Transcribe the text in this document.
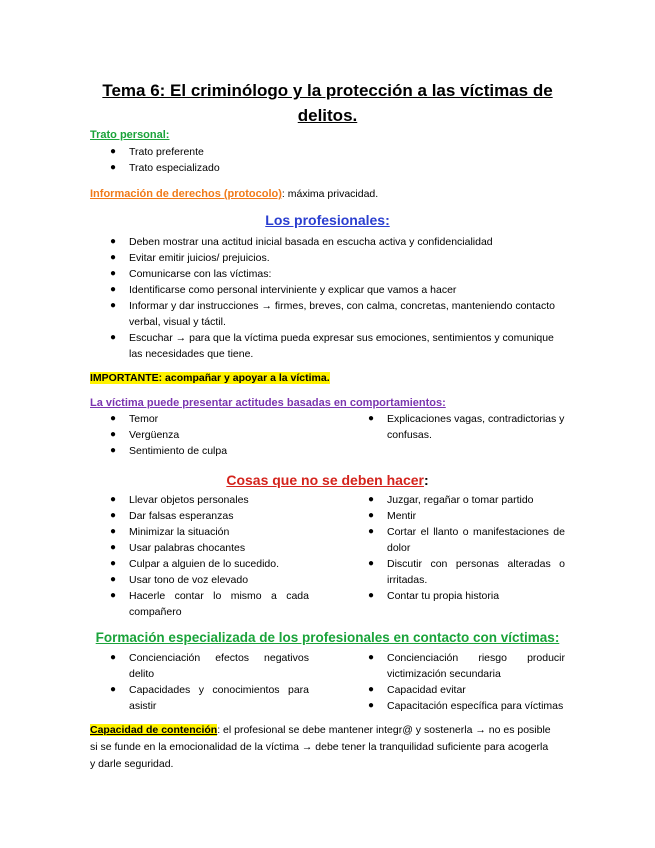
Tema 6: El criminólogo y la protección a las víctimas de delitos.
Trato personal:
● Trato preferente
● Trato especializado
Información de derechos (protocolo): máxima privacidad.
Los profesionales:
● Deben mostrar una actitud inicial basada en escucha activa y confidencialidad
● Evitar emitir juicios/ prejuicios.
● Comunicarse con las víctimas:
● Identificarse como personal interviniente y explicar que vamos a hacer
● Informar y dar instrucciones → firmes, breves, con calma, concretas, manteniendo contacto
verbal, visual y táctil.
● Escuchar → para que la víctima pueda expresar sus emociones, sentimientos y comunique
las necesidades que tiene.
IMPORTANTE: acompañar y apoyar a la víctima.
La víctima puede presentar actitudes basadas en comportamientos:
● Temor
● Vergüenza
● Sentimiento de culpa
● Explicaciones vagas, contradictorias y
confusas.
Cosas que no se deben hacer:
● Llevar objetos personales
● Dar falsas esperanzas
● Minimizar la situación
● Usar palabras chocantes
● Culpar a alguien de lo sucedido.
● Usar tono de voz elevado
● Hacerle contar lo mismo a cada
compañero
● Juzgar, regañar o tomar partido
● Mentir
● Cortar el llanto o manifestaciones de
dolor
● Discutir con personas alteradas o
irritadas.
● Contar tu propia historia
Formación especializada de los profesionales en contacto con víctimas:
● Concienciación efectos negativos
delito
● Capacidades y conocimientos para
asistir
● Concienciación riesgo producir
victimización secundaria
● Capacidad evitar
● Capacitación específica para víctimas
Capacidad de contención: el profesional se debe mantener integr@ y sostenerla → no es posible
si se funde en la emocionalidad de la víctima → debe tener la tranquilidad suficiente para acogerla
y darle seguridad.
